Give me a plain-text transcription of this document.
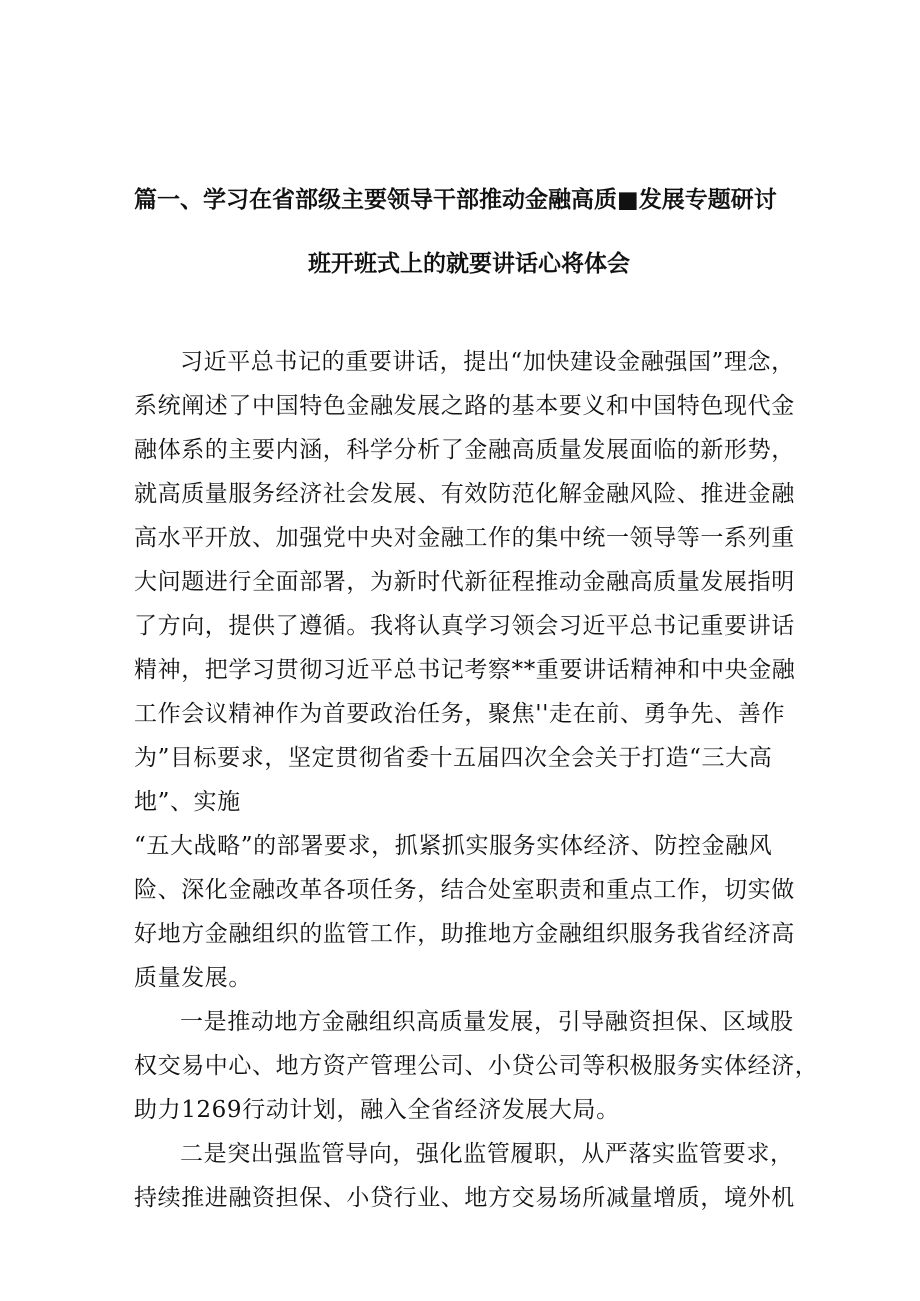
篇一、学习在省部级主要领导干部推动金融高质■发展专题研讨
班开班式上的就要讲话心将体会
习近平总书记的重要讲话，提出“加快建设金融强国”理念，
系统阐述了中国特色金融发展之路的基本要义和中国特色现代金
融体系的主要内涵，科学分析了金融高质量发展面临的新形势，
就高质量服务经济社会发展、有效防范化解金融风险、推进金融
高水平开放、加强党中央对金融工作的集中统一领导等一系列重
大问题进行全面部署，为新时代新征程推动金融高质量发展指明
了方向，提供了遵循。我将认真学习领会习近平总书记重要讲话
精神，把学习贯彻习近平总书记考察**重要讲话精神和中央金融
工作会议精神作为首要政治任务，聚焦''走在前、勇争先、善作
为”目标要求，坚定贯彻省委十五届四次全会关于打造“三大高
地”、实施
“五大战略”的部署要求，抓紧抓实服务实体经济、防控金融风
险、深化金融改革各项任务，结合处室职责和重点工作，切实做
好地方金融组织的监管工作，助推地方金融组织服务我省经济高
质量发展。
一是推动地方金融组织高质量发展，引导融资担保、区域股
权交易中心、地方资产管理公司、小贷公司等积极服务实体经济，
助力1269行动计划，融入全省经济发展大局。
二是突出强监管导向，强化监管履职，从严落实监管要求，
持续推进融资担保、小贷行业、地方交易场所减量增质，境外机
